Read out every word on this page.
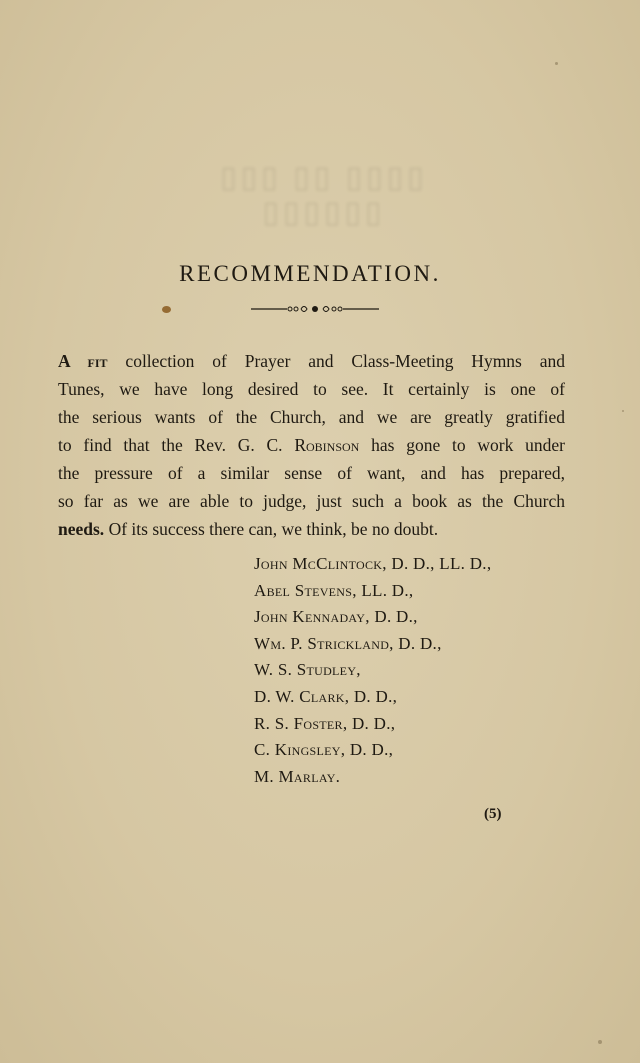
▯▯▯▯ ▯▯ ▯▯▯ ▯▯▯▯▯▯
RECOMMENDATION.
A fit collection of Prayer and Class-Meeting Hymns and
Tunes, we have long desired to see. It certainly is one of
the serious wants of the Church, and we are greatly gratified
to find that the Rev. G. C. Robinson has gone to work under
the pressure of a similar sense of want, and has prepared,
so far as we are able to judge, just such a book as the Church
needs. Of its success there can, we think, be no doubt.
John McClintock, D. D., LL. D.,
Abel Stevens, LL. D.,
John Kennaday, D. D.,
Wm. P. Strickland, D. D.,
W. S. Studley,
D. W. Clark, D. D.,
R. S. Foster, D. D.,
C. Kingsley, D. D.,
M. Marlay.
(5)
